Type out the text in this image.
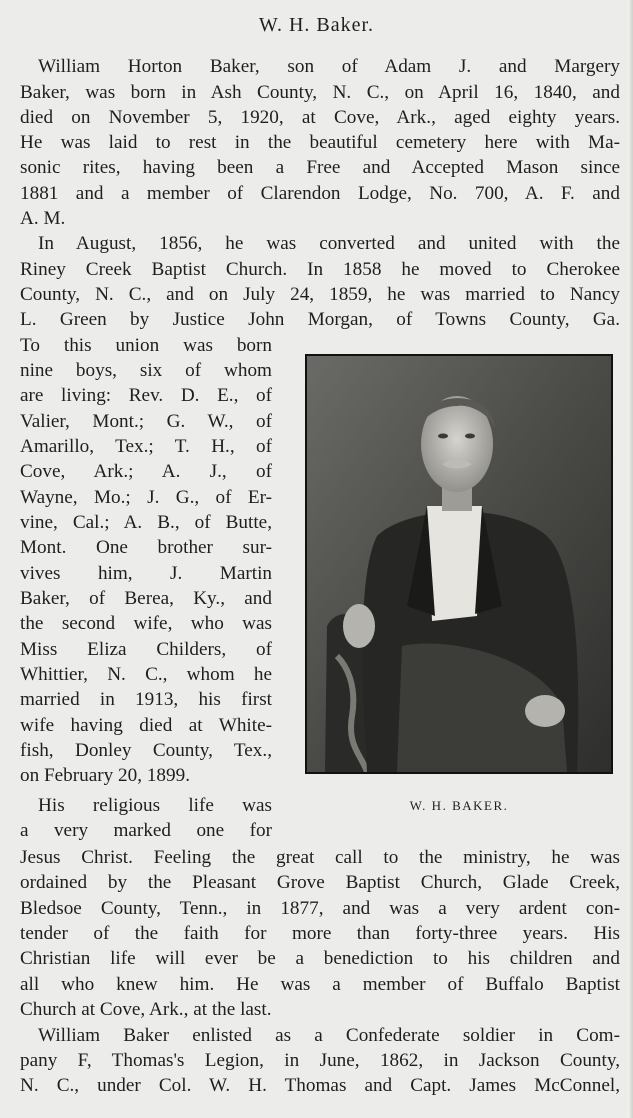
W. H. Baker.
William Horton Baker, son of Adam J. and Margery
Baker, was born in Ash County, N. C., on April 16, 1840, and
died on November 5, 1920, at Cove, Ark., aged eighty years.
He was laid to rest in the beautiful cemetery here with Ma-
sonic rites, having been a Free and Accepted Mason since
1881 and a member of Clarendon Lodge, No. 700, A. F. and
A. M.
In August, 1856, he was converted and united with the
Riney Creek Baptist Church. In 1858 he moved to Cherokee
County, N. C., and on July 24, 1859, he was married to Nancy
L. Green by Justice John Morgan, of Towns County, Ga.
To this union was born
nine boys, six of whom
are living: Rev. D. E., of
Valier, Mont.; G. W., of
Amarillo, Tex.; T. H., of
Cove, Ark.; A. J., of
Wayne, Mo.; J. G., of Er-
vine, Cal.; A. B., of Butte,
Mont. One brother sur-
vives him, J. Martin
Baker, of Berea, Ky., and
the second wife, who was
Miss Eliza Childers, of
Whittier, N. C., whom he
married in 1913, his first
wife having died at White-
fish, Donley County, Tex.,
on February 20, 1899.
His religious life was
a very marked one for
Jesus Christ. Feeling the great call to the ministry, he was
ordained by the Pleasant Grove Baptist Church, Glade Creek,
Bledsoe County, Tenn., in 1877, and was a very ardent con-
tender of the faith for more than forty-three years. His
Christian life will ever be a benediction to his children and
all who knew him. He was a member of Buffalo Baptist
Church at Cove, Ark., at the last.
William Baker enlisted as a Confederate soldier in Com-
pany F, Thomas's Legion, in June, 1862, in Jackson County,
N. C., under Col. W. H. Thomas and Capt. James McConnel,
W. H. BAKER.
